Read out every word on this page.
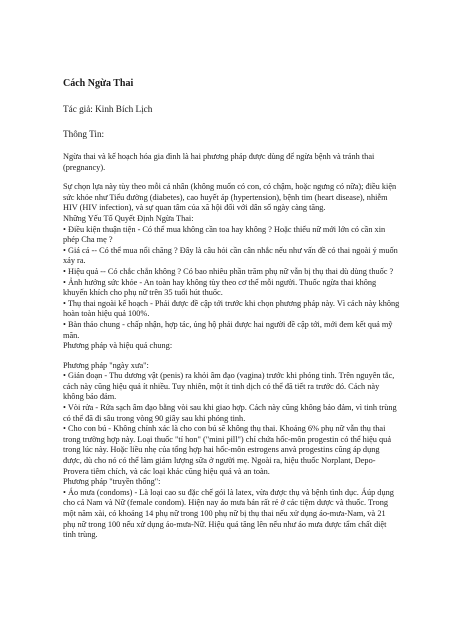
Cách Ngừa Thai

Tác giả: Kinh Bích Lịch

Thông Tin:

Ngừa thai và kế hoạch hóa gia đình là hai phương pháp được dùng để ngừa bệnh và tránh thai (pregnancy).

Sự chọn lựa này tùy theo mỗi cá nhân (không muốn có con, có chậm, hoặc ngưng có nữa); điều kiện sức khỏe như Tiểu đường (diabetes), cao huyết áp (hypertension), bệnh tim (heart disease), nhiễm HIV (HIV infection), và sự quan tâm của xã hội đối với dân số ngày càng tăng.

Những Yếu Tố Quyết Định Ngừa Thai:

• Điều kiện thuận tiện - Có thể mua không cần toa hay không ? Hoặc thiếu nữ mới lớn có cần xin phép Cha mẹ ?

• Giá cả -- Có thể mua nổi chăng ? Đây là câu hỏi cần cân nhắc nếu như vấn đề có thai ngoài ý muốn xảy ra.

• Hiệu quả -- Có chắc chắn không ? Có bao nhiêu phần trăm phụ nữ vẫn bị thụ thai dù dùng thuốc ?

• Ảnh hưởng sức khỏe - An toàn hay không tùy theo cơ thể mỗi người. Thuốc ngừa thai không khuyến khích cho phụ nữ trên 35 tuổi hút thuốc.

• Thụ thai ngoài kế hoạch - Phải được đề cập tới trước khi chọn phương pháp này. Vì cách này không hoàn toàn hiệu quả 100%.

• Bàn thảo chung - chấp nhận, hợp tác, ủng hộ phải được hai người đề cập tới, mới đem kết quả mỹ mãn.

Phương pháp và hiệu quả chung:

Phương pháp "ngày xưa":

• Gián đoạn - Thu dương vật (penis) ra khỏi âm đạo (vagina) trước khi phóng tinh. Trên nguyên tắc, cách này cũng hiệu quả ít nhiều. Tuy nhiên, một ít tinh dịch có thể đã tiết ra trước đó. Cách này không bảo đảm.

• Vòi rửa - Rửa sạch âm đạo bằng vòi sau khi giao hợp. Cách này cũng không bảo đảm, vì tinh trùng có thể đã đi sâu trong vòng 90 giây sau khi phóng tinh.

• Cho con bú - Không chính xác là cho con bú sẽ không thụ thai. Khoảng 6% phụ nữ vẫn thụ thai trong trường hợp này. Loại thuốc "tí hon" ("mini pill") chỉ chứa hốc-môn progestin có thể hiệu quả trong lúc này. Hoặc liều nhẹ của tổng hợp hai hốc-môn estrogens anvà progestins cũng áp dụng được, dù cho nó có thể làm giảm lượng sữa ở người mẹ. Ngoài ra, hiệu thuốc Norplant, Depo-Provera tiêm chích, và các loại khác cũng hiệu quả và an toàn.

Phương pháp "truyền thống":

• Áo mưa (condoms) - Là loại cao su đặc chế gói là latex, vừa được thụ và bệnh tình dục. Áúp dụng cho cả Nam và Nữ (female condom). Hiện nay áo mưa bán rất rẻ ở các tiệm dược và thuốc. Trong một năm xài, có khoảng 14 phụ nữ trong 100 phụ nữ bị thụ thai nếu xử dụng áo-mưa-Nam, và 21 phụ nữ trong 100 nếu xử dụng áo-mưa-Nữ. Hiệu quả tăng lên nếu như áo mưa được tẩm chất diệt tinh trùng.
